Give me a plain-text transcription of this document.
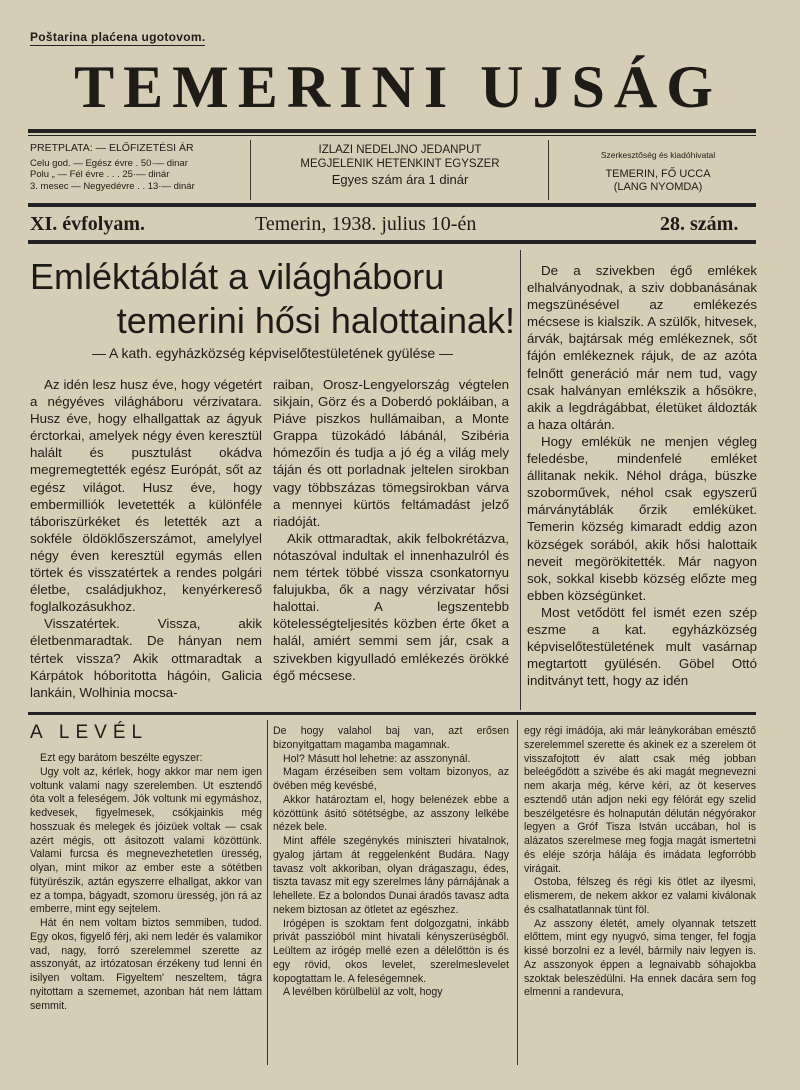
Poštarina plaćena ugotovom.
TEMERINI UJSÁG
PRETPLATA: — ELŐFIZETÉSI ÁR
Celu god. — Egész évre . 50·— dinar
Polu „ — Fél évre . . . 25·— dinár
3. mesec — Negyedévre . . 13·— dinár
IZLAZI NEDELJNO JEDANPUT
MEGJELENIK HETENKINT EGYSZER
Egyes szám ára 1 dinár
Szerkesztőség és kiadóhivatal
TEMERIN, FŐ UCCA
(LANG NYOMDA)
XI. évfolyam.	Temerin, 1938. julius 10-én	28. szám.
Emléktáblát a világháboru
temerini hősi halottainak!
— A kath. egyházközség képviselőtestületének gyülése —

Az idén lesz husz éve, hogy végetért a négyéves világháboru vérzivatara. Husz éve, hogy elhallgattak az ágyuk érctorkai, amelyek négy éven keresztül halált és pusztulást okádva megremegtették egész Európát, sőt az egész világot. Husz éve, hogy embermilliók levetették a különféle táboriszürkéket és letették azt a sokféle öldöklőszerszámot, amelylyel négy éven keresztül egymás ellen törtek és visszatértek a rendes polgári életbe, családjukhoz, kenyérkereső foglalkozásukhoz.

Visszatértek. Vissza, akik életbenmaradtak. De hányan nem tértek vissza? Akik ottmaradtak a Kárpátok hóboritotta hágóin, Galicia lankáin, Wolhinia mocsa-

raiban, Orosz-Lengyelország végtelen sikjain, Görz és a Doberdó pokláiban, a Piáve piszkos hullámaiban, a Monte Grappa tüzokádó lábánál, Szibéria hómezőin és tudja a jó ég a világ mely táján és ott porladnak jeltelen sirokban vagy többszázas tömegsirokban várva a mennyei kürtös feltámadást jelző riadóját.

Akik ottmaradtak, akik felbokrétázva, nótaszóval indultak el innenhazulról és nem tértek többé vissza csonkatornyu falujukba, ők a nagy vérzivatar hősi halottai. A legszentebb kötelességteljesités közben érte őket a halál, amiért semmi sem jár, csak a szivekben kigyulladó emlékezés örökké égő mécsese.

De a szivekben égő emlékek elhalványodnak, a sziv dobbanásának megszünésével az emlékezés mécsese is kialszik. A szülők, hitvesek, árvák, bajtársak még emlékeznek, sőt fájón emlékeznek rájuk, de az azóta felnőtt generáció már nem tud, vagy csak halványan emlékszik a hősökre, akik a legdrágábbat, életüket áldozták a haza oltárán.

Hogy emlékük ne menjen végleg feledésbe, mindenfelé emléket állitanak nekik. Néhol drága, büszke szoborművek, néhol csak egyszerű márványtáblák őrzik emléküket. Temerin község kimaradt eddig azon községek sorából, akik hősi halottaik neveit megörökitették. Már nagyon sok, sokkal kisebb község előzte meg ebben községünket.

Most vetődött fel ismét ezen szép eszme a kat. egyházközség képviselőtestületének mult vasárnap megtartott gyülésén. Göbel Ottó inditványt tett, hogy az idén

A LEVÉL

Ezt egy barátom beszélte egyszer:

Ugy volt az, kérlek, hogy akkor mar nem igen voltunk valami nagy szerelemben. Ut esztendő óta volt a feleségem. Jók voltunk mi egymáshoz, kedvesek, figyelmesek, csókjainkis még hosszuak és melegek és jóizüek voltak — csak azért mégis, ott ásitozott valami közöttünk. Valami furcsa és megnevezhetetlen üresség, olyan, mint mikor az ember este a sötétben fütyürészik, aztán egyszerre elhallgat, akkor van ez a tompa, bágyadt, szomoru üresség, jön rá az emberre, mint egy sejtelem.

Hát én nem voltam biztos semmiben, tudod. Egy okos, figyelő férj, aki nem ledér és valamikor vad, nagy, forró szerelemmel szerette az asszonyát, az irtózatosan érzékeny tud lenni én isilyen voltam. Figyeltem' neszeltem, tágra nyitottam a szememet, azonban hát nem láttam semmit.

De hogy valahol baj van, azt erősen bizonyitgattam magamba magamnak.

Hol? Másutt hol lehetne: az asszonynál.

Magam érzéseiben sem voltam bizonyos, az övében még kevésbé,

Akkor határoztam el, hogy belenézek ebbe a közöttünk ásitó sötétségbe, az asszony lelkébe nézek bele.

Mint afféle szegénykés miniszteri hivatalnok, gyalog jártam át reggelenként Budára. Nagy tavasz volt akkoriban, olyan drágaszagu, édes, tiszta tavasz mit egy szerelmes lány párnájának a lehellete. Ez a bolondos Dunai áradós tavasz adta nekem biztosan az ötletet az egészhez.

Irógépen is szoktam fent dolgozgatni, inkább privát passzióból mint hivatali kényszerüségből. Leültem az irógép mellé ezen a délelőttön is és egy rövid, okos levelet, szerelmeslevelet kopogtattam le. A feleségemnek.

A levélben körülbelül az volt, hogy

egy régi imádója, aki már leánykorában emésztő szerelemmel szerette és akinek ez a szerelem öt visszafojtott év alatt csak még jobban beleégődött a szivébe és aki magát megnevezni nem akarja még, kérve kéri, az öt keserves esztendő után adjon neki egy félórát egy szelid beszélgetésre és holnapután délután négyórakor legyen a Gróf Tisza István uccában, hol is alázatos szerelmese meg fogja magát ismertetni és eléje szórja hálája és imádata legforróbb virágait.

Ostoba, félszeg és régi kis ötlet az ilyesmi, elismerem, de nekem akkor ez valami kiválonak és csalhatatlannak tünt föl.

Az asszony életét, amely olyannak tetszett előttem, mint egy nyugvó, sima tenger, fel fogja kissé borzolni ez a levél, bármily naiv legyen is. Az asszonyok éppen a legnaivabb sóhajokba szoktak beleszédülni. Ha ennek dacára sem fog elmenni a randevura,
